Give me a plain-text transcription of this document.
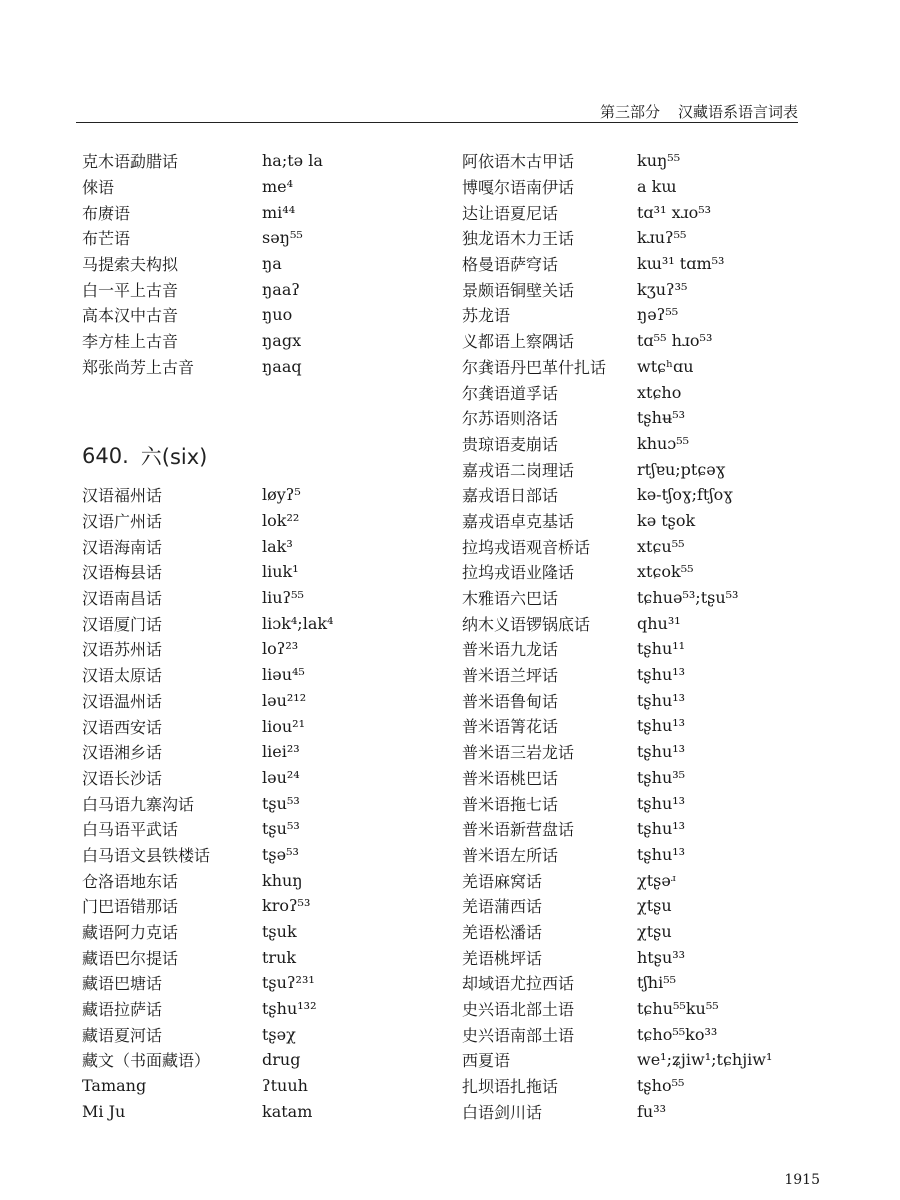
第三部分 汉藏语系语言词表
克木语勐腊话	ha;tə la
倈语	me⁴
布赓语	mi⁴⁴
布芒语	səŋ⁵⁵
马提索夫构拟	ŋa
白一平上古音	ŋaaʔ
高本汉中古音	ŋuo
李方桂上古音	ŋagx
郑张尚芳上古音	ŋaaq
640. 六(six)
汉语福州话	løyʔ⁵
汉语广州话	lok²²
汉语海南话	lak³
汉语梅县话	liuk¹
汉语南昌话	liuʔ⁵⁵
汉语厦门话	liɔk⁴;lak⁴
汉语苏州话	loʔ²³
汉语太原话	liəu⁴⁵
汉语温州话	ləu²¹²
汉语西安话	liou²¹
汉语湘乡话	liei²³
汉语长沙话	ləu²⁴
白马语九寨沟话	tʂu⁵³
白马语平武话	tʂu⁵³
白马语文县铁楼话	tʂə⁵³
仓洛语地东话	khuŋ
门巴语错那话	kroʔ⁵³
藏语阿力克话	tʂuk
藏语巴尔提话	truk
藏语巴塘话	tʂuʔ²³¹
藏语拉萨话	tʂhu¹³²
藏语夏河话	tʂəχ
藏文（书面藏语）	drug
Tamang	ʔtuuh
Mi Ju	katam
阿依语木古甲话	kuŋ⁵⁵
博嘎尔语南伊话	a kɯ
达让语夏尼话	tɑ³¹ xɹo⁵³
独龙语木力王话	kɹuʔ⁵⁵
格曼语萨穹话	kɯ³¹ tɑm⁵³
景颇语铜壁关话	kʒuʔ³⁵
苏龙语	ŋəʔ⁵⁵
义都语上察隅话	tɑ⁵⁵ hɹo⁵³
尔龚语丹巴革什扎话	wtɕʰɑu
尔龚语道孚话	xtɕho
尔苏语则洛话	tʂhʉ⁵³
贵琼语麦崩话	khuɔ⁵⁵
嘉戎语二岗理话	rtʃɐu;ptɕəɣ
嘉戎语日部话	kə-tʃoɣ;ftʃoɣ
嘉戎语卓克基话	kə tʂok
拉坞戎语观音桥话	xtɕu⁵⁵
拉坞戎语业隆话	xtɕok⁵⁵
木雅语六巴话	tɕhuə⁵³;tʂu⁵³
纳木义语锣锅底话	qhu³¹
普米语九龙话	tʂhu¹¹
普米语兰坪话	tʂhu¹³
普米语鲁甸话	tʂhu¹³
普米语箐花话	tʂhu¹³
普米语三岩龙话	tʂhu¹³
普米语桃巴话	tʂhu³⁵
普米语拖七话	tʂhu¹³
普米语新营盘话	tʂhu¹³
普米语左所话	tʂhu¹³
羌语麻窝话	χtʂəʴ
羌语蒲西话	χtʂu
羌语松潘话	χtʂu
羌语桃坪话	htʂu³³
却域语尤拉西话	tʃhi⁵⁵
史兴语北部土语	tɕhu⁵⁵ku⁵⁵
史兴语南部土语	tɕho⁵⁵ko³³
西夏语	we¹;ʑjiw¹;tɕhjiw¹
扎坝语扎拖话	tʂho⁵⁵
白语剑川话	fu³³
1915
